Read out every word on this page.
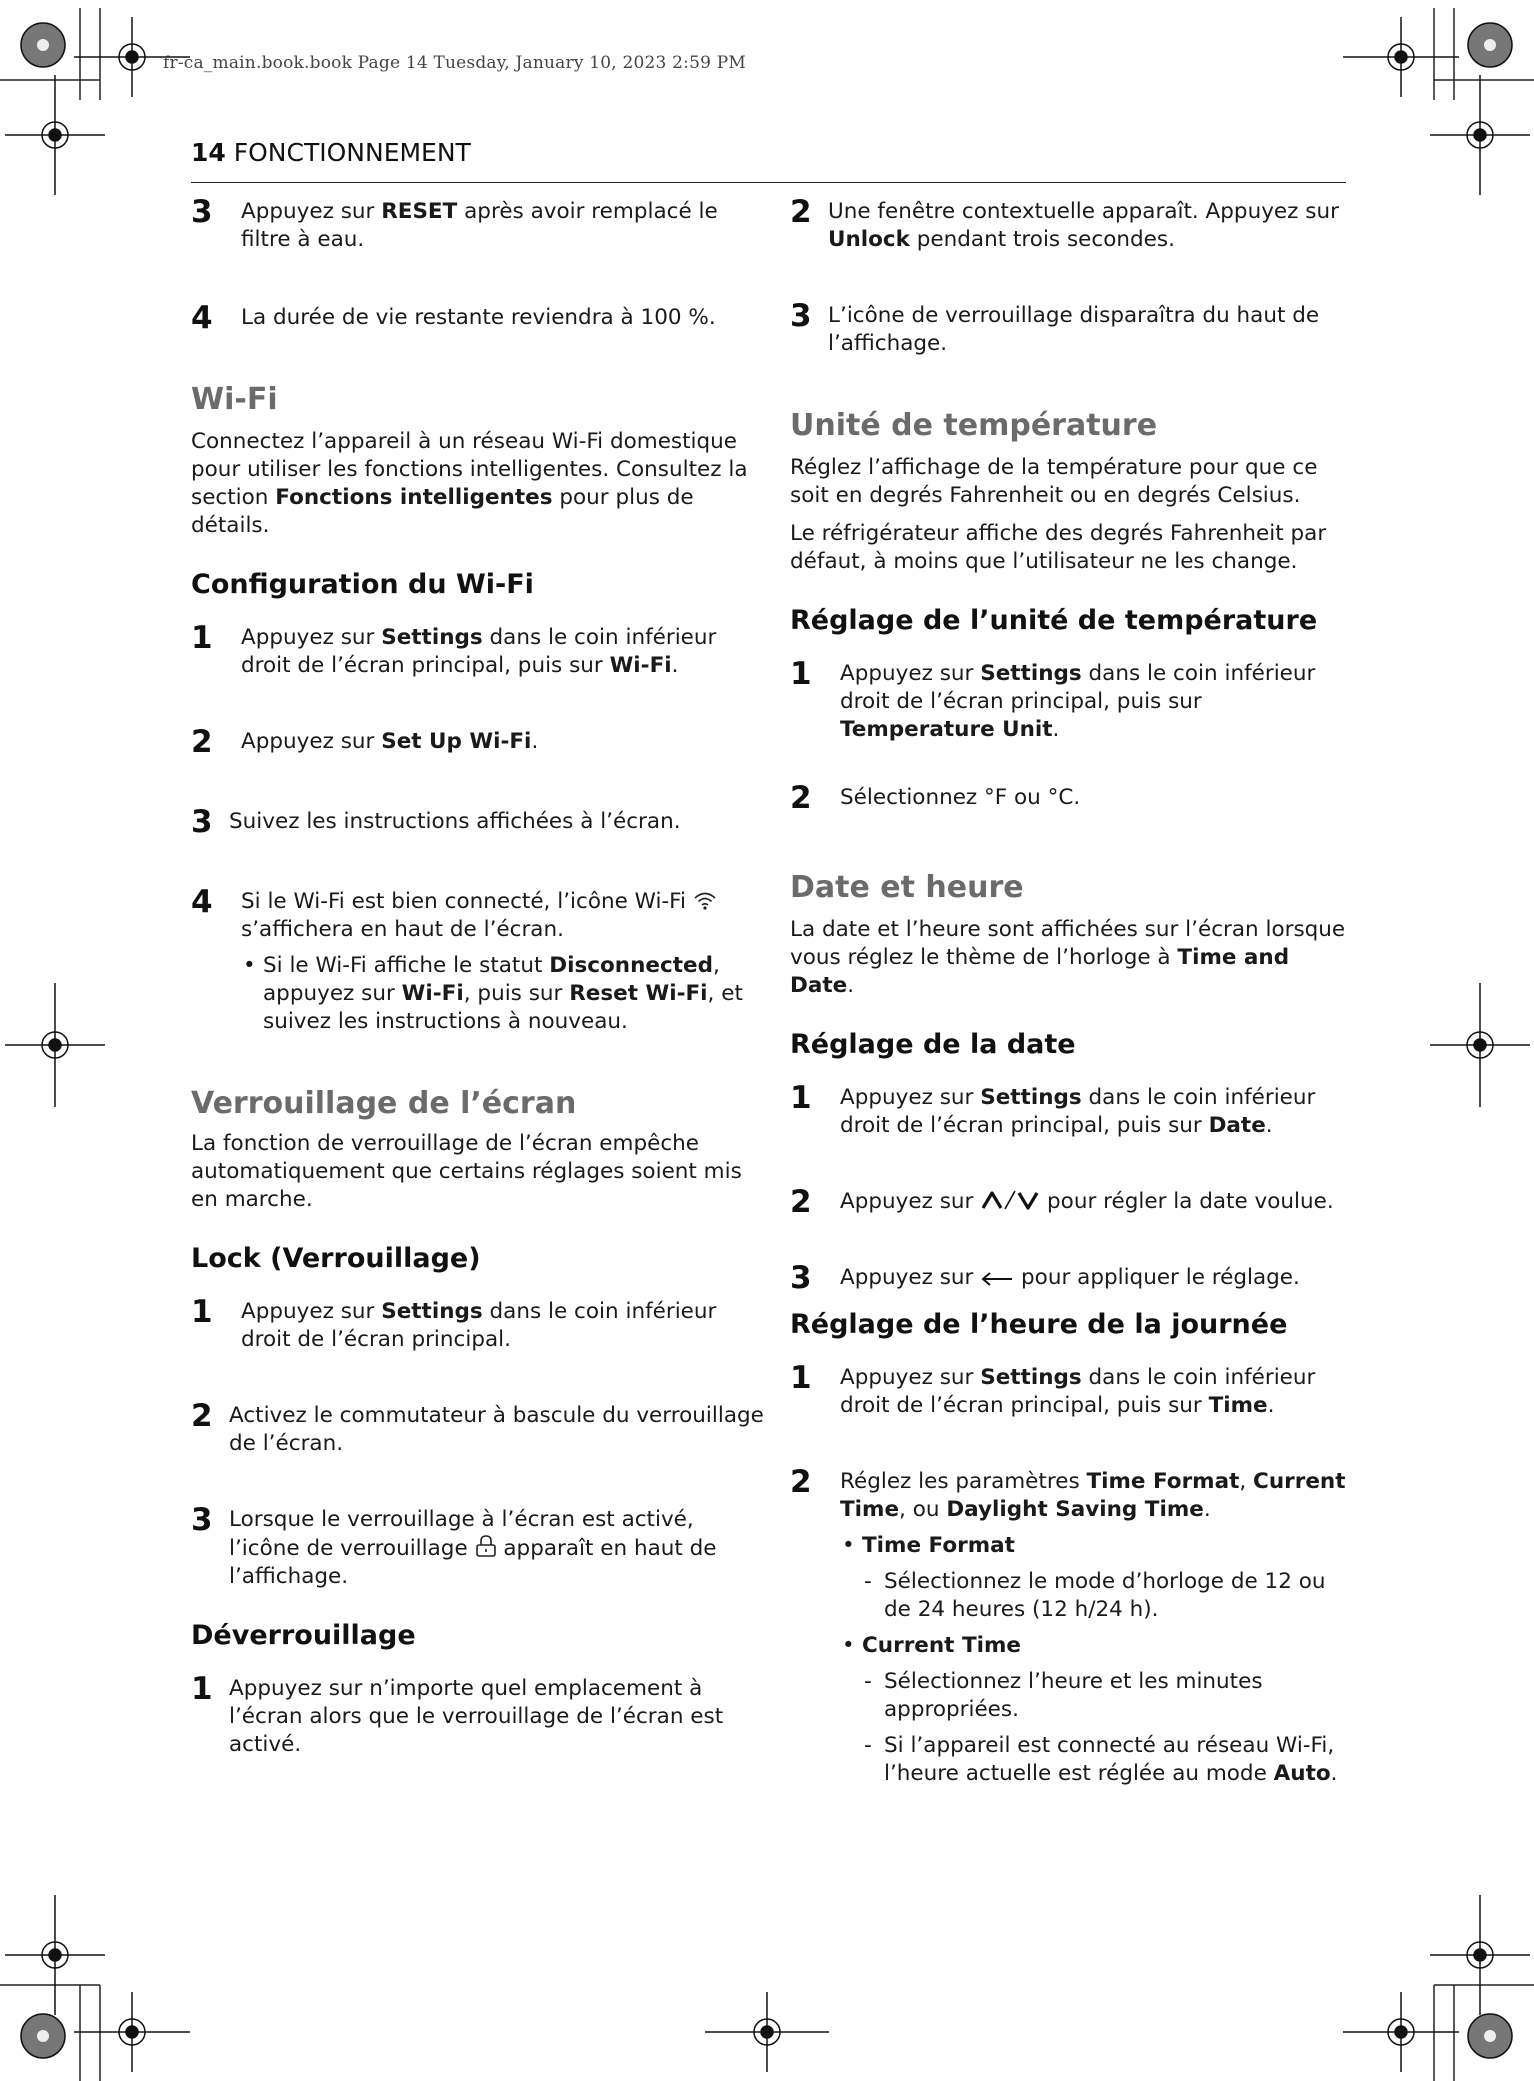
fr-ca_main.book.book Page 14 Tuesday, January 10, 2023 2:59 PM
14 FONCTIONNEMENT
3 Appuyez sur RESET après avoir remplacé le filtre à eau.
4 La durée de vie restante reviendra à 100 %.

Wi-Fi

Connectez l’appareil à un réseau Wi-Fi domestique pour utiliser les fonctions intelligentes. Consultez la section Fonctions intelligentes pour plus de détails.

Configuration du Wi-Fi

1 Appuyez sur Settings dans le coin inférieur droit de l’écran principal, puis sur Wi-Fi.
2 Appuyez sur Set Up Wi-Fi.
3 Suivez les instructions affichées à l’écran.
4 Si le Wi-Fi est bien connecté, l’icône Wi-Fi  s’affichera en haut de l’écran.

• Si le Wi-Fi affiche le statut Disconnected, appuyez sur Wi-Fi, puis sur Reset Wi-Fi, et suivez les instructions à nouveau.

Verrouillage de l’écran

La fonction de verrouillage de l’écran empêche automatiquement que certains réglages soient mis en marche.

Lock (Verrouillage)

1 Appuyez sur Settings dans le coin inférieur droit de l’écran principal.
2 Activez le commutateur à bascule du verrouillage de l’écran.
3 Lorsque le verrouillage à l’écran est activé, l’icône de verrouillage  apparaît en haut de l’affichage.

Déverrouillage

1 Appuyez sur n’importe quel emplacement à l’écran alors que le verrouillage de l’écran est activé.
2 Une fenêtre contextuelle apparaît. Appuyez sur Unlock pendant trois secondes.
3 L’icône de verrouillage disparaîtra du haut de l’affichage.

Unité de température

Réglez l’affichage de la température pour que ce soit en degrés Fahrenheit ou en degrés Celsius.

Le réfrigérateur affiche des degrés Fahrenheit par défaut, à moins que l’utilisateur ne les change.

Réglage de l’unité de température

1 Appuyez sur Settings dans le coin inférieur droit de l’écran principal, puis sur Temperature Unit.
2 Sélectionnez °F ou °C.

Date et heure

La date et l’heure sont affichées sur l’écran lorsque vous réglez le thème de l’horloge à Time and Date.

Réglage de la date

1 Appuyez sur Settings dans le coin inférieur droit de l’écran principal, puis sur Date.
2 Appuyez sur	pour régler la date voulue.
3 Appuyez sur  pour appliquer le réglage.

Réglage de l’heure de la journée

1 Appuyez sur Settings dans le coin inférieur droit de l’écran principal, puis sur Time.
2 Réglez les paramètres Time Format, Current Time, ou Daylight Saving Time.

• Time Format

- Sélectionnez le mode d’horloge de 12 ou de 24 heures (12 h/24 h).

• Current Time

- Sélectionnez l’heure et les minutes appropriées.

- Si l’appareil est connecté au réseau Wi-Fi, l’heure actuelle est réglée au mode Auto.
